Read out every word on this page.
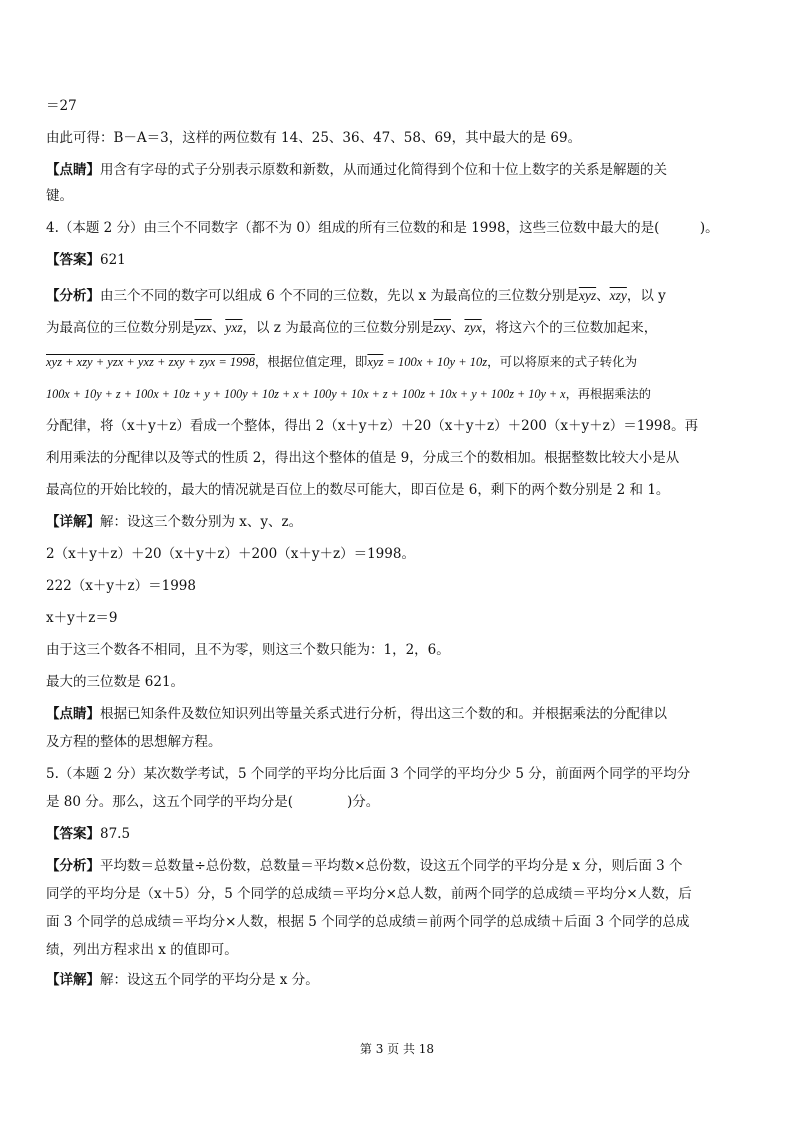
＝27

由此可得：B－A＝3，这样的两位数有 14、25、36、47、58、69，其中最大的是 69。

【点睛】用含有字母的式子分别表示原数和新数，从而通过化简得到个位和十位上数字的关系是解题的关

键。

4.（本题 2 分）由三个不同数字（都不为 0）组成的所有三位数的和是 1998，这些三位数中最大的是(　　　)。

【答案】621

【分析】由三个不同的数字可以组成 6 个不同的三位数，先以 x 为最高位的三位数分别是$\overline{xyz}$、$\overline{xzy}$，以 y

为最高位的三位数分别是$\overline{yzx}$、$\overline{yxz}$，以 z 为最高位的三位数分别是$\overline{zxy}$、$\overline{zyx}$，将这六个的三位数加起来，

xyz + xzy + yzx + yxz + zxy + zyx = 1998，根据位值定理，即$\overline{xyz} = 100x + 10y + 10z$，可以将原来的式子转化为

100x + 10y + z + 100x + 10z + y + 100y + 10z + x + 100y + 10x + z + 100z + 10x + y + 100z + 10y + x，再根据乘法的

分配律，将（x＋y＋z）看成一个整体，得出 2（x＋y＋z）＋20（x＋y＋z）＋200（x＋y＋z）＝1998。再

利用乘法的分配律以及等式的性质 2，得出这个整体的值是 9，分成三个的数相加。根据整数比较大小是从

最高位的开始比较的，最大的情况就是百位上的数尽可能大，即百位是 6，剩下的两个数分别是 2 和 1。

【详解】解：设这三个数分别为 x、y、z。

2（x＋y＋z）＋20（x＋y＋z）＋200（x＋y＋z）＝1998。

222（x＋y＋z）＝1998

x＋y＋z＝9

由于这三个数各不相同，且不为零，则这三个数只能为：1，2，6。

最大的三位数是 621。

【点睛】根据已知条件及数位知识列出等量关系式进行分析，得出这三个数的和。并根据乘法的分配律以

及方程的整体的思想解方程。

5.（本题 2 分）某次数学考试，5 个同学的平均分比后面 3 个同学的平均分少 5 分，前面两个同学的平均分

是 80 分。那么，这五个同学的平均分是(　　　　)分。

【答案】87.5

【分析】平均数＝总数量÷总份数，总数量＝平均数×总份数，设这五个同学的平均分是 x 分，则后面 3 个

同学的平均分是（x＋5）分，5 个同学的总成绩＝平均分×总人数，前两个同学的总成绩＝平均分×人数，后

面 3 个同学的总成绩＝平均分×人数，根据 5 个同学的总成绩＝前两个同学的总成绩＋后面 3 个同学的总成

绩，列出方程求出 x 的值即可。

【详解】解：设这五个同学的平均分是 x 分。

第 3 页 共 18
